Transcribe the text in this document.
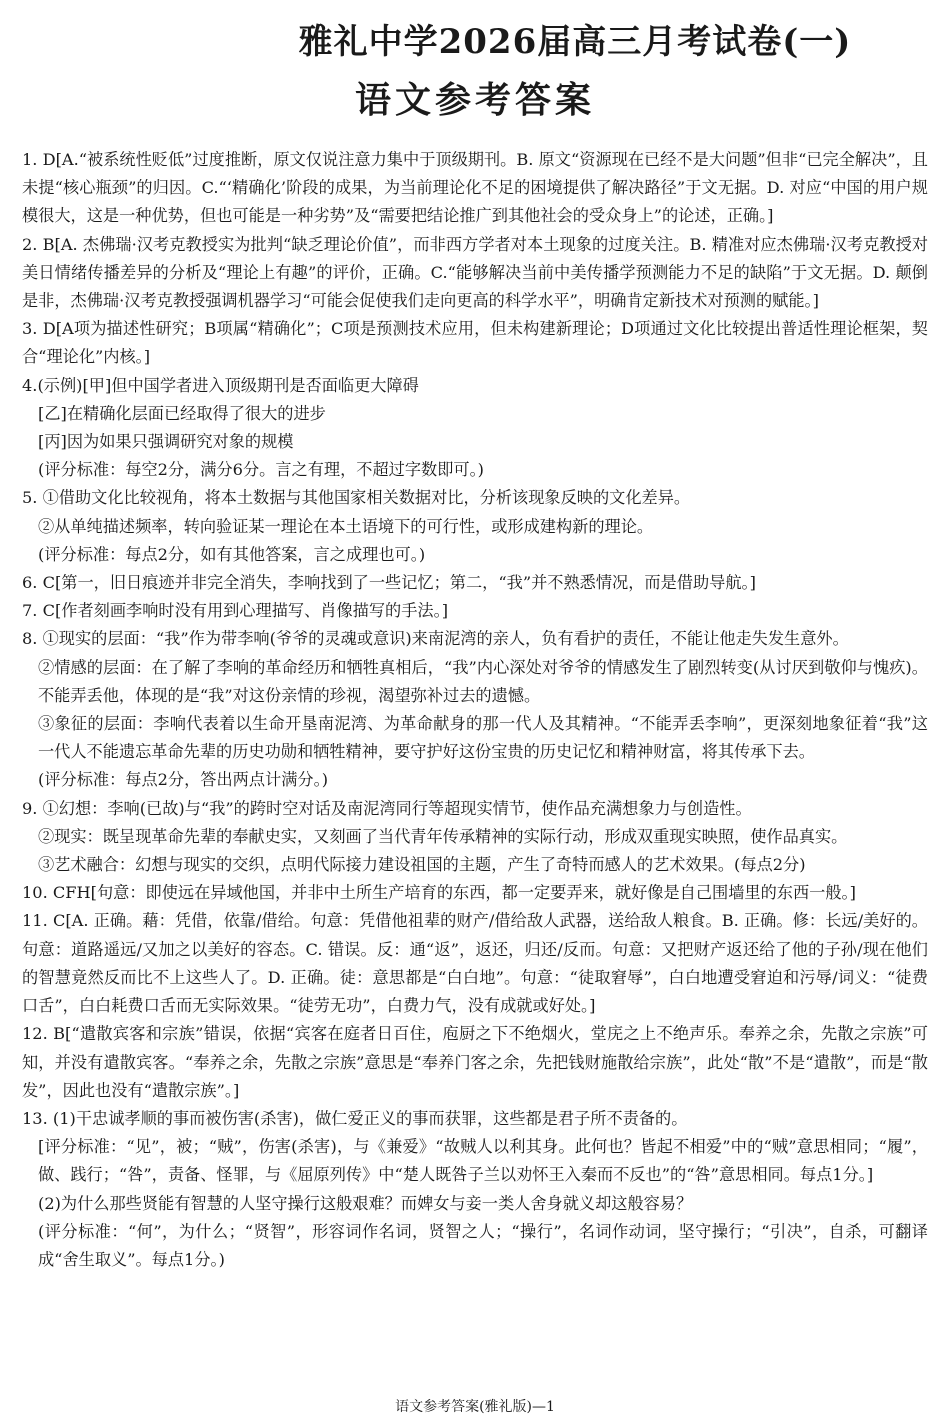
雅礼中学2026届高三月考试卷(一)
语文参考答案
1. D[A.“被系统性贬低”过度推断，原文仅说注意力集中于顶级期刊。B. 原文“资源现在已经不是大问题”但非“已完全解决”，且未提“核心瓶颈”的归因。C.“‘精确化’阶段的成果，为当前理论化不足的困境提供了解决路径”于文无据。D. 对应“中国的用户规模很大，这是一种优势，但也可能是一种劣势”及“需要把结论推广到其他社会的受众身上”的论述，正确。]
2. B[A. 杰佛瑞·汉考克教授实为批判“缺乏理论价值”，而非西方学者对本土现象的过度关注。B. 精准对应杰佛瑞·汉考克教授对美日情绪传播差异的分析及“理论上有趣”的评价，正确。C.“能够解决当前中美传播学预测能力不足的缺陷”于文无据。D. 颠倒是非，杰佛瑞·汉考克教授强调机器学习“可能会促使我们走向更高的科学水平”，明确肯定新技术对预测的赋能。]
3. D[A项为描述性研究；B项属“精确化”；C项是预测技术应用，但未构建新理论；D项通过文化比较提出普适性理论框架，契合“理论化”内核。]
4.(示例)[甲]但中国学者进入顶级期刊是否面临更大障碍
[乙]在精确化层面已经取得了很大的进步
[丙]因为如果只强调研究对象的规模
(评分标准：每空2分，满分6分。言之有理，不超过字数即可。)
5. ①借助文化比较视角，将本土数据与其他国家相关数据对比，分析该现象反映的文化差异。
②从单纯描述频率，转向验证某一理论在本土语境下的可行性，或形成建构新的理论。
(评分标准：每点2分，如有其他答案，言之成理也可。)
6. C[第一，旧日痕迹并非完全消失，李响找到了一些记忆；第二，“我”并不熟悉情况，而是借助导航。]
7. C[作者刻画李响时没有用到心理描写、肖像描写的手法。]
8. ①现实的层面：“我”作为带李响(爷爷的灵魂或意识)来南泥湾的亲人，负有看护的责任，不能让他走失发生意外。
②情感的层面：在了解了李响的革命经历和牺牲真相后，“我”内心深处对爷爷的情感发生了剧烈转变(从讨厌到敬仰与愧疚)。不能弄丢他，体现的是“我”对这份亲情的珍视，渴望弥补过去的遗憾。
③象征的层面：李响代表着以生命开垦南泥湾、为革命献身的那一代人及其精神。“不能弄丢李响”，更深刻地象征着“我”这一代人不能遗忘革命先辈的历史功勋和牺牲精神，要守护好这份宝贵的历史记忆和精神财富，将其传承下去。
(评分标准：每点2分，答出两点计满分。)
9. ①幻想：李响(已故)与“我”的跨时空对话及南泥湾同行等超现实情节，使作品充满想象力与创造性。
②现实：既呈现革命先辈的奉献史实，又刻画了当代青年传承精神的实际行动，形成双重现实映照，使作品真实。
③艺术融合：幻想与现实的交织，点明代际接力建设祖国的主题，产生了奇特而感人的艺术效果。(每点2分)
10. CFH[句意：即使远在异域他国，并非中土所生产培育的东西，都一定要弄来，就好像是自己围墙里的东西一般。]
11. C[A. 正确。藉：凭借，依靠/借给。句意：凭借他祖辈的财产/借给敌人武器，送给敌人粮食。B. 正确。修：长远/美好的。句意：道路遥远/又加之以美好的容态。C. 错误。反：通“返”，返还，归还/反而。句意：又把财产返还给了他的子孙/现在他们的智慧竟然反而比不上这些人了。D. 正确。徒：意思都是“白白地”。句意：“徒取窘辱”，白白地遭受窘迫和污辱/词义：“徒费口舌”，白白耗费口舌而无实际效果。“徒劳无功”，白费力气，没有成就或好处。]
12. B[“遣散宾客和宗族”错误，依据“宾客在庭者日百住，庖厨之下不绝烟火，堂庑之上不绝声乐。奉养之余，先散之宗族”可知，并没有遣散宾客。“奉养之余，先散之宗族”意思是“奉养门客之余，先把钱财施散给宗族”，此处“散”不是“遣散”，而是“散发”，因此也没有“遣散宗族”。]
13. (1)干忠诚孝顺的事而被伤害(杀害)，做仁爱正义的事而获罪，这些都是君子所不责备的。
[评分标准：“见”，被；“贼”，伤害(杀害)，与《兼爱》“故贼人以利其身。此何也？皆起不相爱”中的“贼”意思相同；“履”，做、践行；“咎”，责备、怪罪，与《屈原列传》中“楚人既咎子兰以劝怀王入秦而不反也”的“咎”意思相同。每点1分。]
(2)为什么那些贤能有智慧的人坚守操行这般艰难？而婢女与妾一类人舍身就义却这般容易？
(评分标准：“何”，为什么；“贤智”，形容词作名词，贤智之人；“操行”，名词作动词，坚守操行；“引决”，自杀，可翻译成“舍生取义”。每点1分。)
语文参考答案(雅礼版)—1
